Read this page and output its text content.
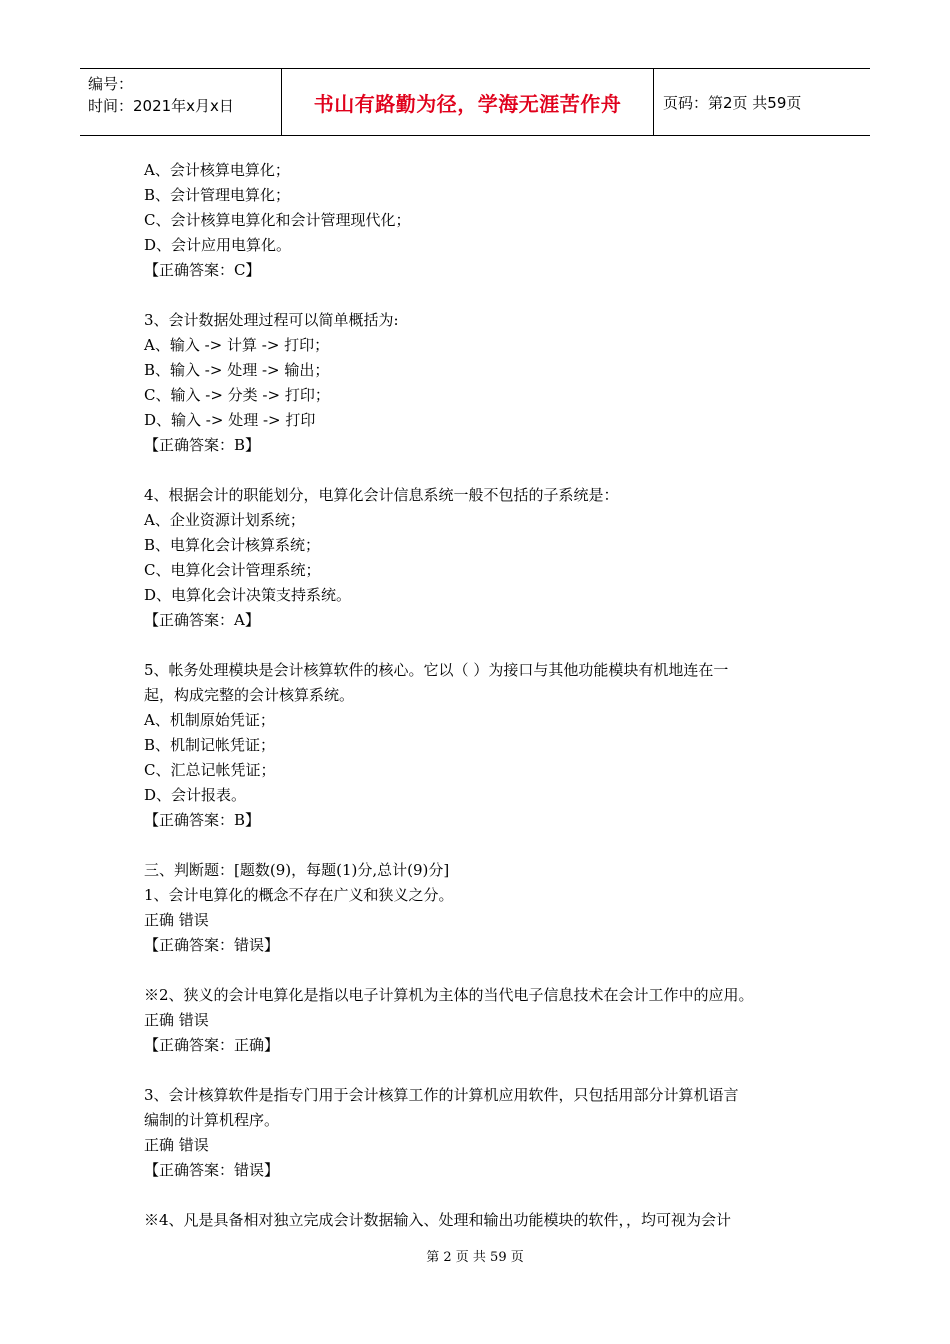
编号：
时间：2021年x月x日	书山有路勤为径，学海无涯苦作舟	页码：第2页 共59页
A、会计核算电算化；
B、会计管理电算化；
C、会计核算电算化和会计管理现代化；
D、会计应用电算化。
【正确答案：C】
3、会计数据处理过程可以简单概括为:
A、输入 -> 计算 -> 打印；
B、输入 -> 处理 -> 输出；
C、输入 -> 分类 -> 打印；
D、输入 -> 处理 -> 打印
【正确答案：B】
4、根据会计的职能划分，电算化会计信息系统一般不包括的子系统是：
A、企业资源计划系统；
B、电算化会计核算系统；
C、电算化会计管理系统；
D、电算化会计决策支持系统。
【正确答案：A】
5、帐务处理模块是会计核算软件的核心。它以（ ）为接口与其他功能模块有机地连在一
起，构成完整的会计核算系统。
A、机制原始凭证；
B、机制记帐凭证；
C、汇总记帐凭证；
D、会计报表。
【正确答案：B】
三、判断题：[题数(9)，每题(1)分,总计(9)分]
1、会计电算化的概念不存在广义和狭义之分。
正确 错误
【正确答案：错误】
※2、狭义的会计电算化是指以电子计算机为主体的当代电子信息技术在会计工作中的应用。
正确 错误
【正确答案：正确】
3、会计核算软件是指专门用于会计核算工作的计算机应用软件，只包括用部分计算机语言
编制的计算机程序。
正确 错误
【正确答案：错误】
※4、凡是具备相对独立完成会计数据输入、处理和输出功能模块的软件，，均可视为会计
第 2 页 共 59 页
